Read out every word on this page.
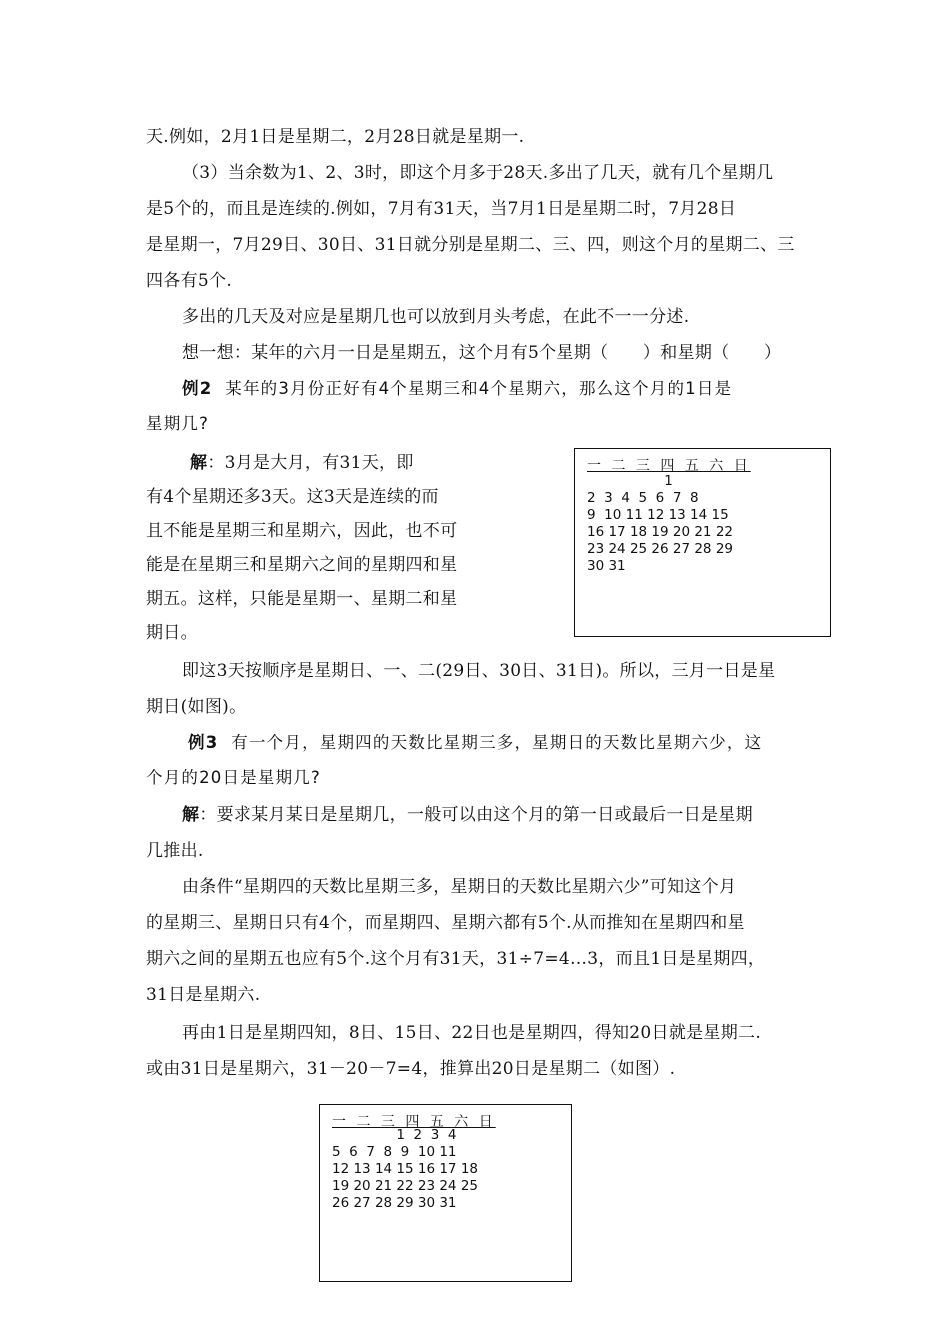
天.例如，2月1日是星期二，2月28日就是星期一.
（3）当余数为1、2、3时，即这个月多于28天.多出了几天，就有几个星期几
是5个的，而且是连续的.例如，7月有31天，当7月1日是星期二时，7月28日
是星期一，7月29日、30日、31日就分别是星期二、三、四，则这个月的星期二、三
四各有5个.
多出的几天及对应是星期几也可以放到月头考虑，在此不一一分述.
想一想：某年的六月一日是星期五，这个月有5个星期（　　）和星期（　　）
例2 某年的3月份正好有4个星期三和4个星期六，那么这个月的1日是
星期几?
解：3月是大月，有31天，即
有4个星期还多3天。这3天是连续的而
且不能是星期三和星期六，因此，也不可
能是在星期三和星期六之间的星期四和星
期五。这样，只能是星期一、星期二和星
期日。
一 二 三 四 五 六 日
1
2  3  4  5  6  7  8
9  10 11 12 13 14 15
16 17 18 19 20 21 22
23 24 25 26 27 28 29
30 31
即这3天按顺序是星期日、一、二(29日、30日、31日)。所以，三月一日是星
期日(如图)。
例3 有一个月，星期四的天数比星期三多，星期日的天数比星期六少，这
个月的20日是星期几?
解：要求某月某日是星期几，一般可以由这个月的第一日或最后一日是星期
几推出.
由条件“星期四的天数比星期三多，星期日的天数比星期六少”可知这个月
的星期三、星期日只有4个，而星期四、星期六都有5个.从而推知在星期四和星
期六之间的星期五也应有5个.这个月有31天，31÷7=4…3，而且1日是星期四，
31日是星期六.
再由1日是星期四知，8日、15日、22日也是星期四，得知20日就是星期二.
或由31日是星期六，31－20－7=4，推算出20日是星期二（如图）.
一 二 三 四 五 六 日
1  2  3  4
5  6  7  8  9  10 11
12 13 14 15 16 17 18
19 20 21 22 23 24 25
26 27 28 29 30 31
